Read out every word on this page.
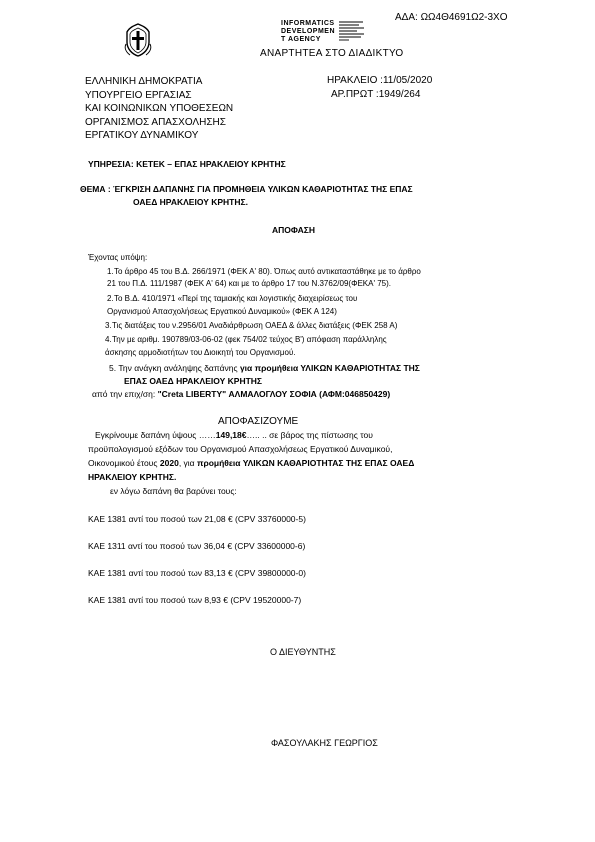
ΑΔΑ: ΩΩ4Θ4691Ω2-3ΧΟ
INFORMATICS
DEVELOPMEN
T AGENCY
ΑΝΑΡΤΗΤΕΑ ΣΤΟ ΔΙΑΔΙΚΤΥΟ
ΕΛΛΗΝΙΚΗ ΔΗΜΟΚΡΑΤΙΑ
ΥΠΟΥΡΓΕΙΟ ΕΡΓΑΣΙΑΣ
ΚΑΙ ΚΟΙΝΩΝΙΚΩΝ ΥΠΟΘΕΣΕΩΝ
ΟΡΓΑΝΙΣΜΟΣ ΑΠΑΣΧΟΛΗΣΗΣ
ΕΡΓΑΤΙΚΟΥ ΔΥΝΑΜΙΚΟΥ
ΗΡΑΚΛΕΙΟ :11/05/2020
ΑΡ.ΠΡΩΤ :1949/264
ΥΠΗΡΕΣΙΑ: ΚΕΤΕΚ – ΕΠΑΣ ΗΡΑΚΛΕΙΟΥ ΚΡΗΤΗΣ
ΘΕΜΑ : ΈΓΚΡΙΣΗ ΔΑΠΑΝΗΣ ΓΙΑ ΠΡΟΜΗΘΕΙΑ ΥΛΙΚΩΝ ΚΑΘΑΡΙΟΤΗΤΑΣ ΤΗΣ ΕΠΑΣ
ΟΑΕΔ ΗΡΑΚΛΕΙΟΥ ΚΡΗΤΗΣ.
ΑΠΟΦΑΣΗ
Έχοντας υπόψη:
1. Το άρθρο 45 του Β.Δ. 266/1971 (ΦΕΚ Α' 80). Όπως αυτό αντικαταστάθηκε με το άρθρο
21 του Π.Δ. 111/1987 (ΦΕΚ Α' 64) και με το άρθρο 17 του Ν.3762/09(ΦΕΚΑ' 75).
2. Το Β.Δ. 410/1971 «Περί της ταμιακής και λογιστικής διαχειρίσεως του
Οργανισμού Απασχολήσεως Εργατικού Δυναμικού» (ΦΕΚ Α 124)
3. Τις διατάξεις του ν.2956/01 Αναδιάρθρωση ΟΑΕΔ & άλλες διατάξεις (ΦΕΚ 258 Α)
4. Την με αριθμ. 190789/03-06-02 (φεκ 754/02 τεύχος Β') απόφαση παράλληλης
άσκησης αρμοδιοτήτων του Διοικητή του Οργανισμού.
5. Την ανάγκη ανάληψης δαπάνης για προμήθεια ΥΛΙΚΩΝ ΚΑΘΑΡΙΟΤΗΤΑΣ ΤΗΣ
ΕΠΑΣ ΟΑΕΔ ΗΡΑΚΛΕΙΟΥ ΚΡΗΤΗΣ
από την επιχ/ση: "Creta LIBERTY" ΑΛΜΑΛΟΓΛΟΥ ΣΟΦΙΑ (ΑΦΜ:046850429)
ΑΠΟΦΑΣΙΖΟΥΜΕ
Εγκρίνουμε δαπάνη ύψους ……149,18€….. .. σε βάρος της πίστωσης του
προϋπολογισμού εξόδων του Οργανισμού Απασχολήσεως Εργατικού Δυναμικού,
Οικονομικού έτους 2020, για προμήθεια ΥΛΙΚΩΝ ΚΑΘΑΡΙΟΤΗΤΑΣ ΤΗΣ ΕΠΑΣ ΟΑΕΔ
ΗΡΑΚΛΕΙΟΥ ΚΡΗΤΗΣ.
εν λόγω δαπάνη θα βαρύνει τους:
ΚΑΕ 1381 αντί του ποσού των 21,08 € (CPV 33760000-5)
ΚΑΕ 1311 αντί του ποσού των 36,04 € (CPV 33600000-6)
ΚΑΕ 1381 αντί του ποσού των 83,13 € (CPV 39800000-0)
ΚΑΕ 1381 αντί του ποσού των 8,93 € (CPV 19520000-7)
Ο ΔΙΕΥΘΥΝΤΗΣ
ΦΑΣΟΥΛΑΚΗΣ ΓΕΩΡΓΙΟΣ
